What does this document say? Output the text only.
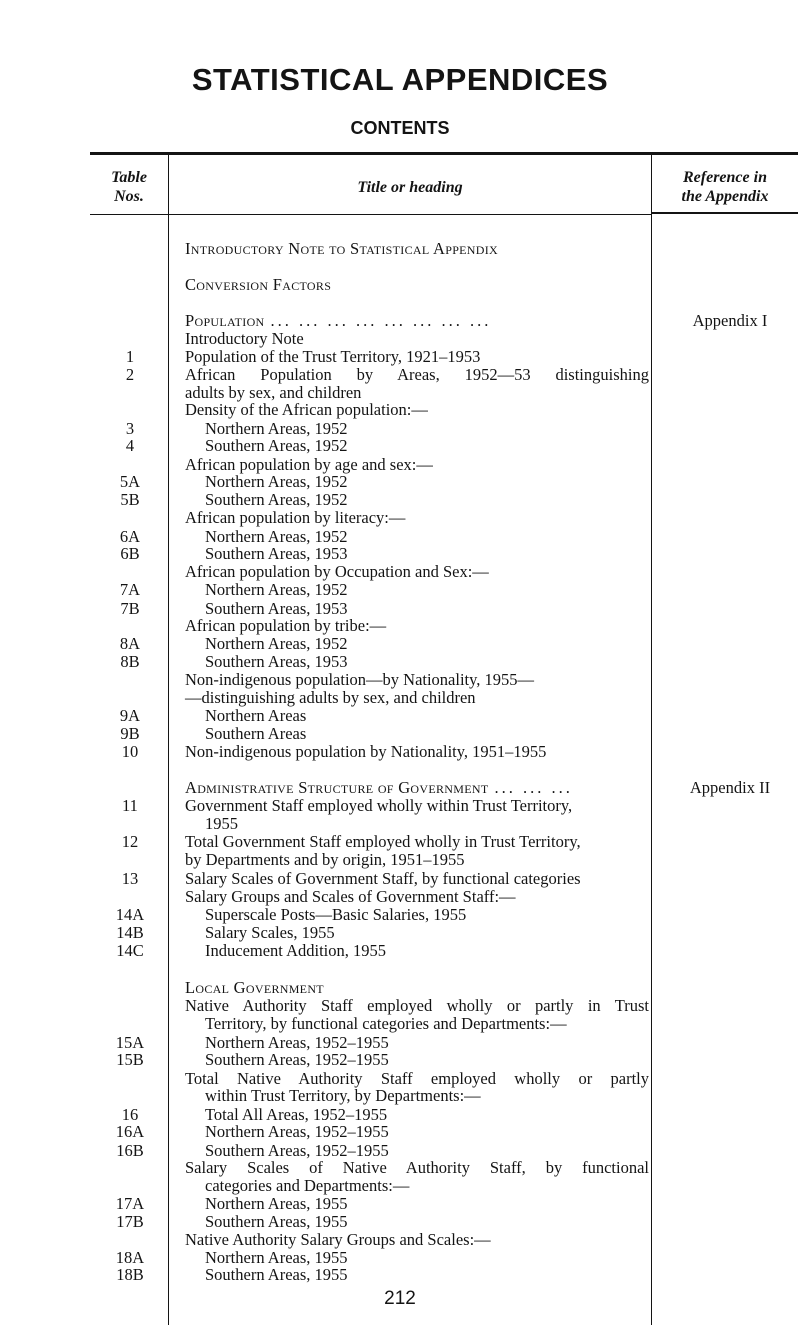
STATISTICAL APPENDICES
CONTENTS
Table
Nos.
Title or heading
Reference in
the Appendix
Introductory Note to Statistical Appendix
Conversion Factors
Population ... ... ... ... ... ... ... ...	Appendix I
Introductory Note
1	Population of the Trust Territory, 1921–1953
2	African Population by Areas, 1952—53 distinguishing
adults by sex, and children
Density of the African population:—
3	Northern Areas, 1952
4	Southern Areas, 1952
African population by age and sex:—
5A	Northern Areas, 1952
5B	Southern Areas, 1952
African population by literacy:—
6A	Northern Areas, 1952
6B	Southern Areas, 1953
African population by Occupation and Sex:—
7A	Northern Areas, 1952
7B	Southern Areas, 1953
African population by tribe:—
8A	Northern Areas, 1952
8B	Southern Areas, 1953
Non-indigenous population—by Nationality, 1955—
—distinguishing adults by sex, and children
9A	Northern Areas
9B	Southern Areas
10	Non-indigenous population by Nationality, 1951–1955
Administrative Structure of Government ... ... ...	Appendix II
11	Government Staff employed wholly within Trust Territory,
1955
12	Total Government Staff employed wholly in Trust Territory,
by Departments and by origin, 1951–1955
13	Salary Scales of Government Staff, by functional categories
Salary Groups and Scales of Government Staff:—
14A	Superscale Posts—Basic Salaries, 1955
14B	Salary Scales, 1955
14C	Inducement Addition, 1955
Local Government
Native Authority Staff employed wholly or partly in Trust
Territory, by functional categories and Departments:—
15A	Northern Areas, 1952–1955
15B	Southern Areas, 1952–1955
Total Native Authority Staff employed wholly or partly
within Trust Territory, by Departments:—
16	Total All Areas, 1952–1955
16A	Northern Areas, 1952–1955
16B	Southern Areas, 1952–1955
Salary Scales of Native Authority Staff, by functional
categories and Departments:—
17A	Northern Areas, 1955
17B	Southern Areas, 1955
Native Authority Salary Groups and Scales:—
18A	Northern Areas, 1955
18B	Southern Areas, 1955
212
